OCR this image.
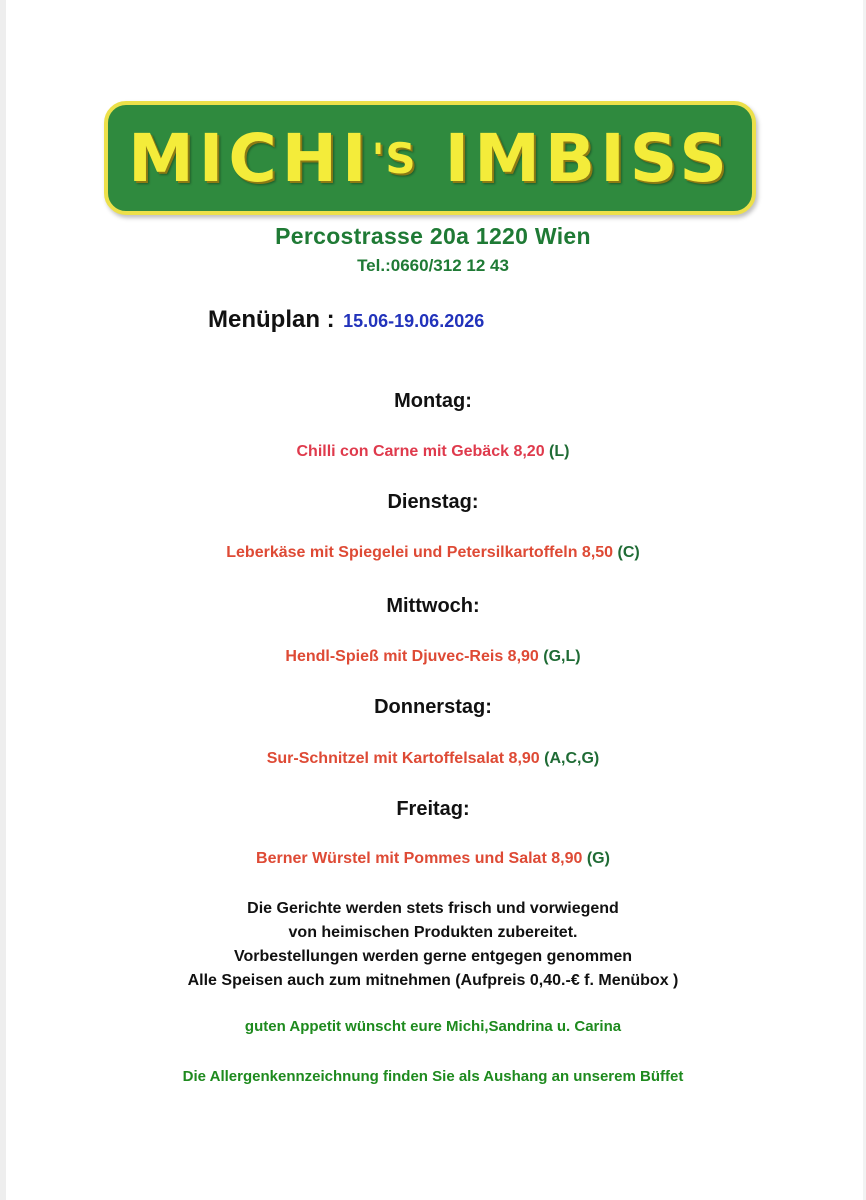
MICHI'S IMBISS
Percostrasse 20a 1220 Wien
Tel.:0660/312 12 43
Menüplan : 15.06-19.06.2026
Montag:
Chilli con Carne mit Gebäck 8,20 (L)
Dienstag:
Leberkäse mit Spiegelei und Petersilkartoffeln 8,50 (C)
Mittwoch:
Hendl-Spieß mit Djuvec-Reis 8,90 (G,L)
Donnerstag:
Sur-Schnitzel mit Kartoffelsalat 8,90 (A,C,G)
Freitag:
Berner Würstel mit Pommes und Salat 8,90 (G)
Die Gerichte werden stets frisch und vorwiegend
von heimischen Produkten zubereitet.
Vorbestellungen werden gerne entgegen genommen
Alle Speisen auch zum mitnehmen (Aufpreis 0,40.-€ f. Menübox )
guten Appetit wünscht eure Michi,Sandrina u. Carina
Die Allergenkennzeichnung finden Sie als Aushang an unserem Büffet
